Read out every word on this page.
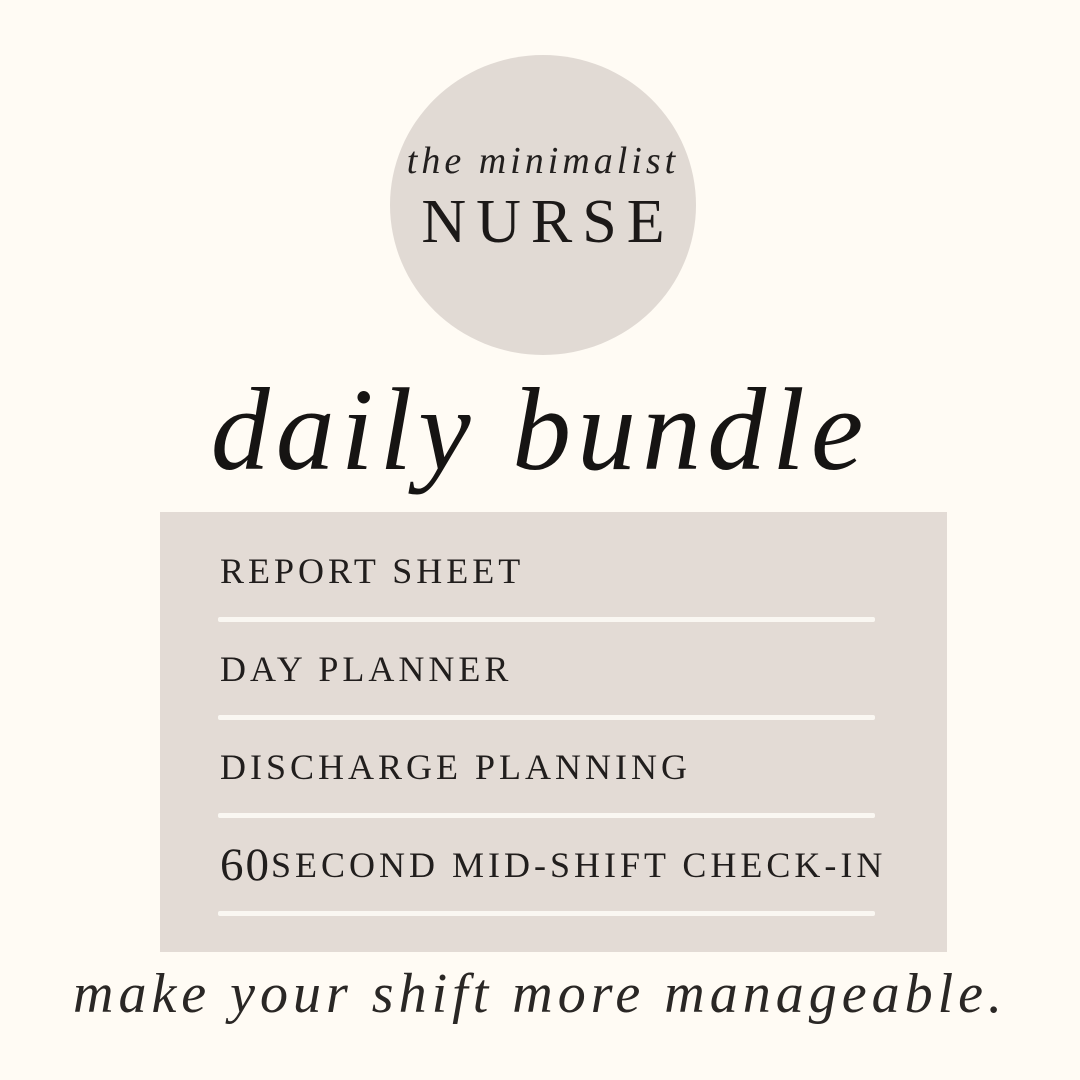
the minimalist
NURSE
daily bundle
REPORT SHEET
DAY PLANNER
DISCHARGE PLANNING
60 SECOND MID-SHIFT CHECK-IN
make your shift more manageable.
